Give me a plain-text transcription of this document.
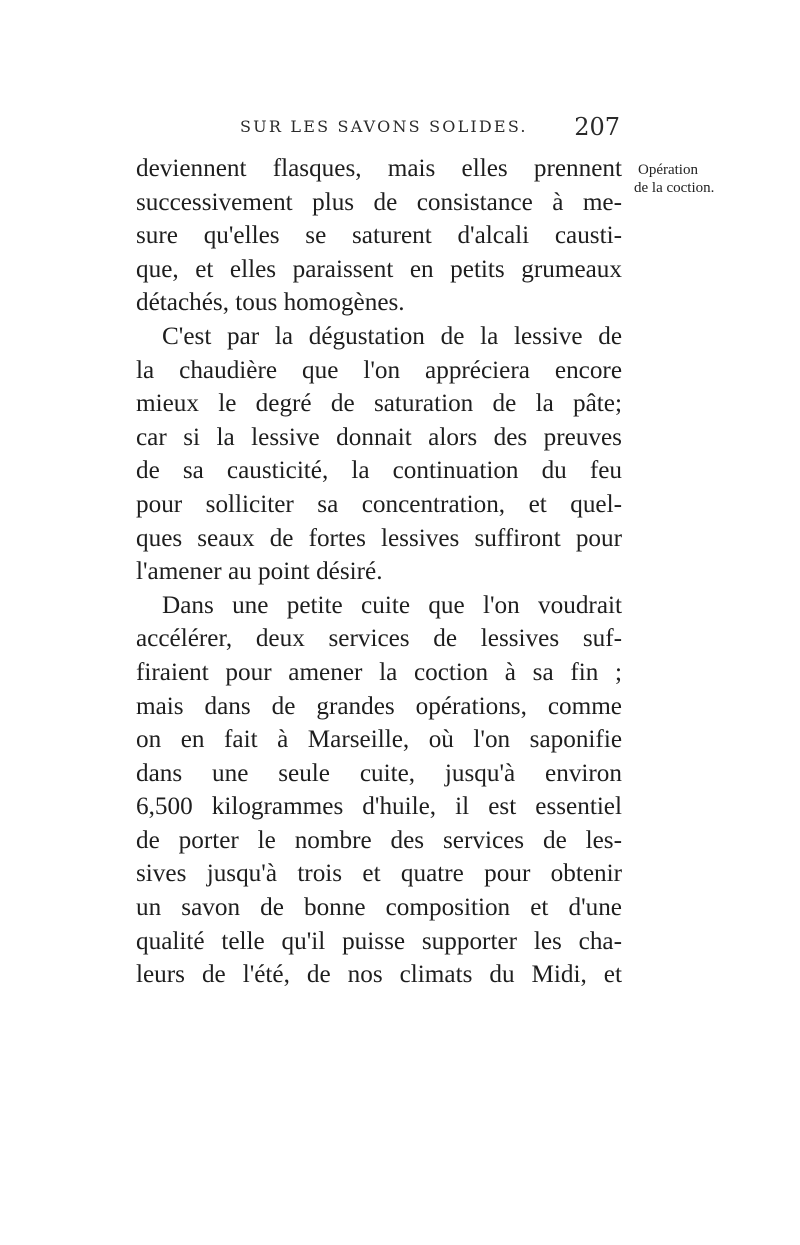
SUR LES SAVONS SOLIDES. 207
Opération
de la coction.
deviennent flasques, mais elles prennent
successivement plus de consistance à me-
sure qu'elles se saturent d'alcali causti-
que, et elles paraissent en petits grumeaux
détachés, tous homogènes.
C'est par la dégustation de la lessive de
la chaudière que l'on appréciera encore
mieux le degré de saturation de la pâte;
car si la lessive donnait alors des preuves
de sa causticité, la continuation du feu
pour solliciter sa concentration, et quel-
ques seaux de fortes lessives suffiront pour
l'amener au point désiré.
Dans une petite cuite que l'on voudrait
accélérer, deux services de lessives suf-
firaient pour amener la coction à sa fin ;
mais dans de grandes opérations, comme
on en fait à Marseille, où l'on saponifie
dans une seule cuite, jusqu'à environ
6,500 kilogrammes d'huile, il est essentiel
de porter le nombre des services de les-
sives jusqu'à trois et quatre pour obtenir
un savon de bonne composition et d'une
qualité telle qu'il puisse supporter les cha-
leurs de l'été, de nos climats du Midi, et
